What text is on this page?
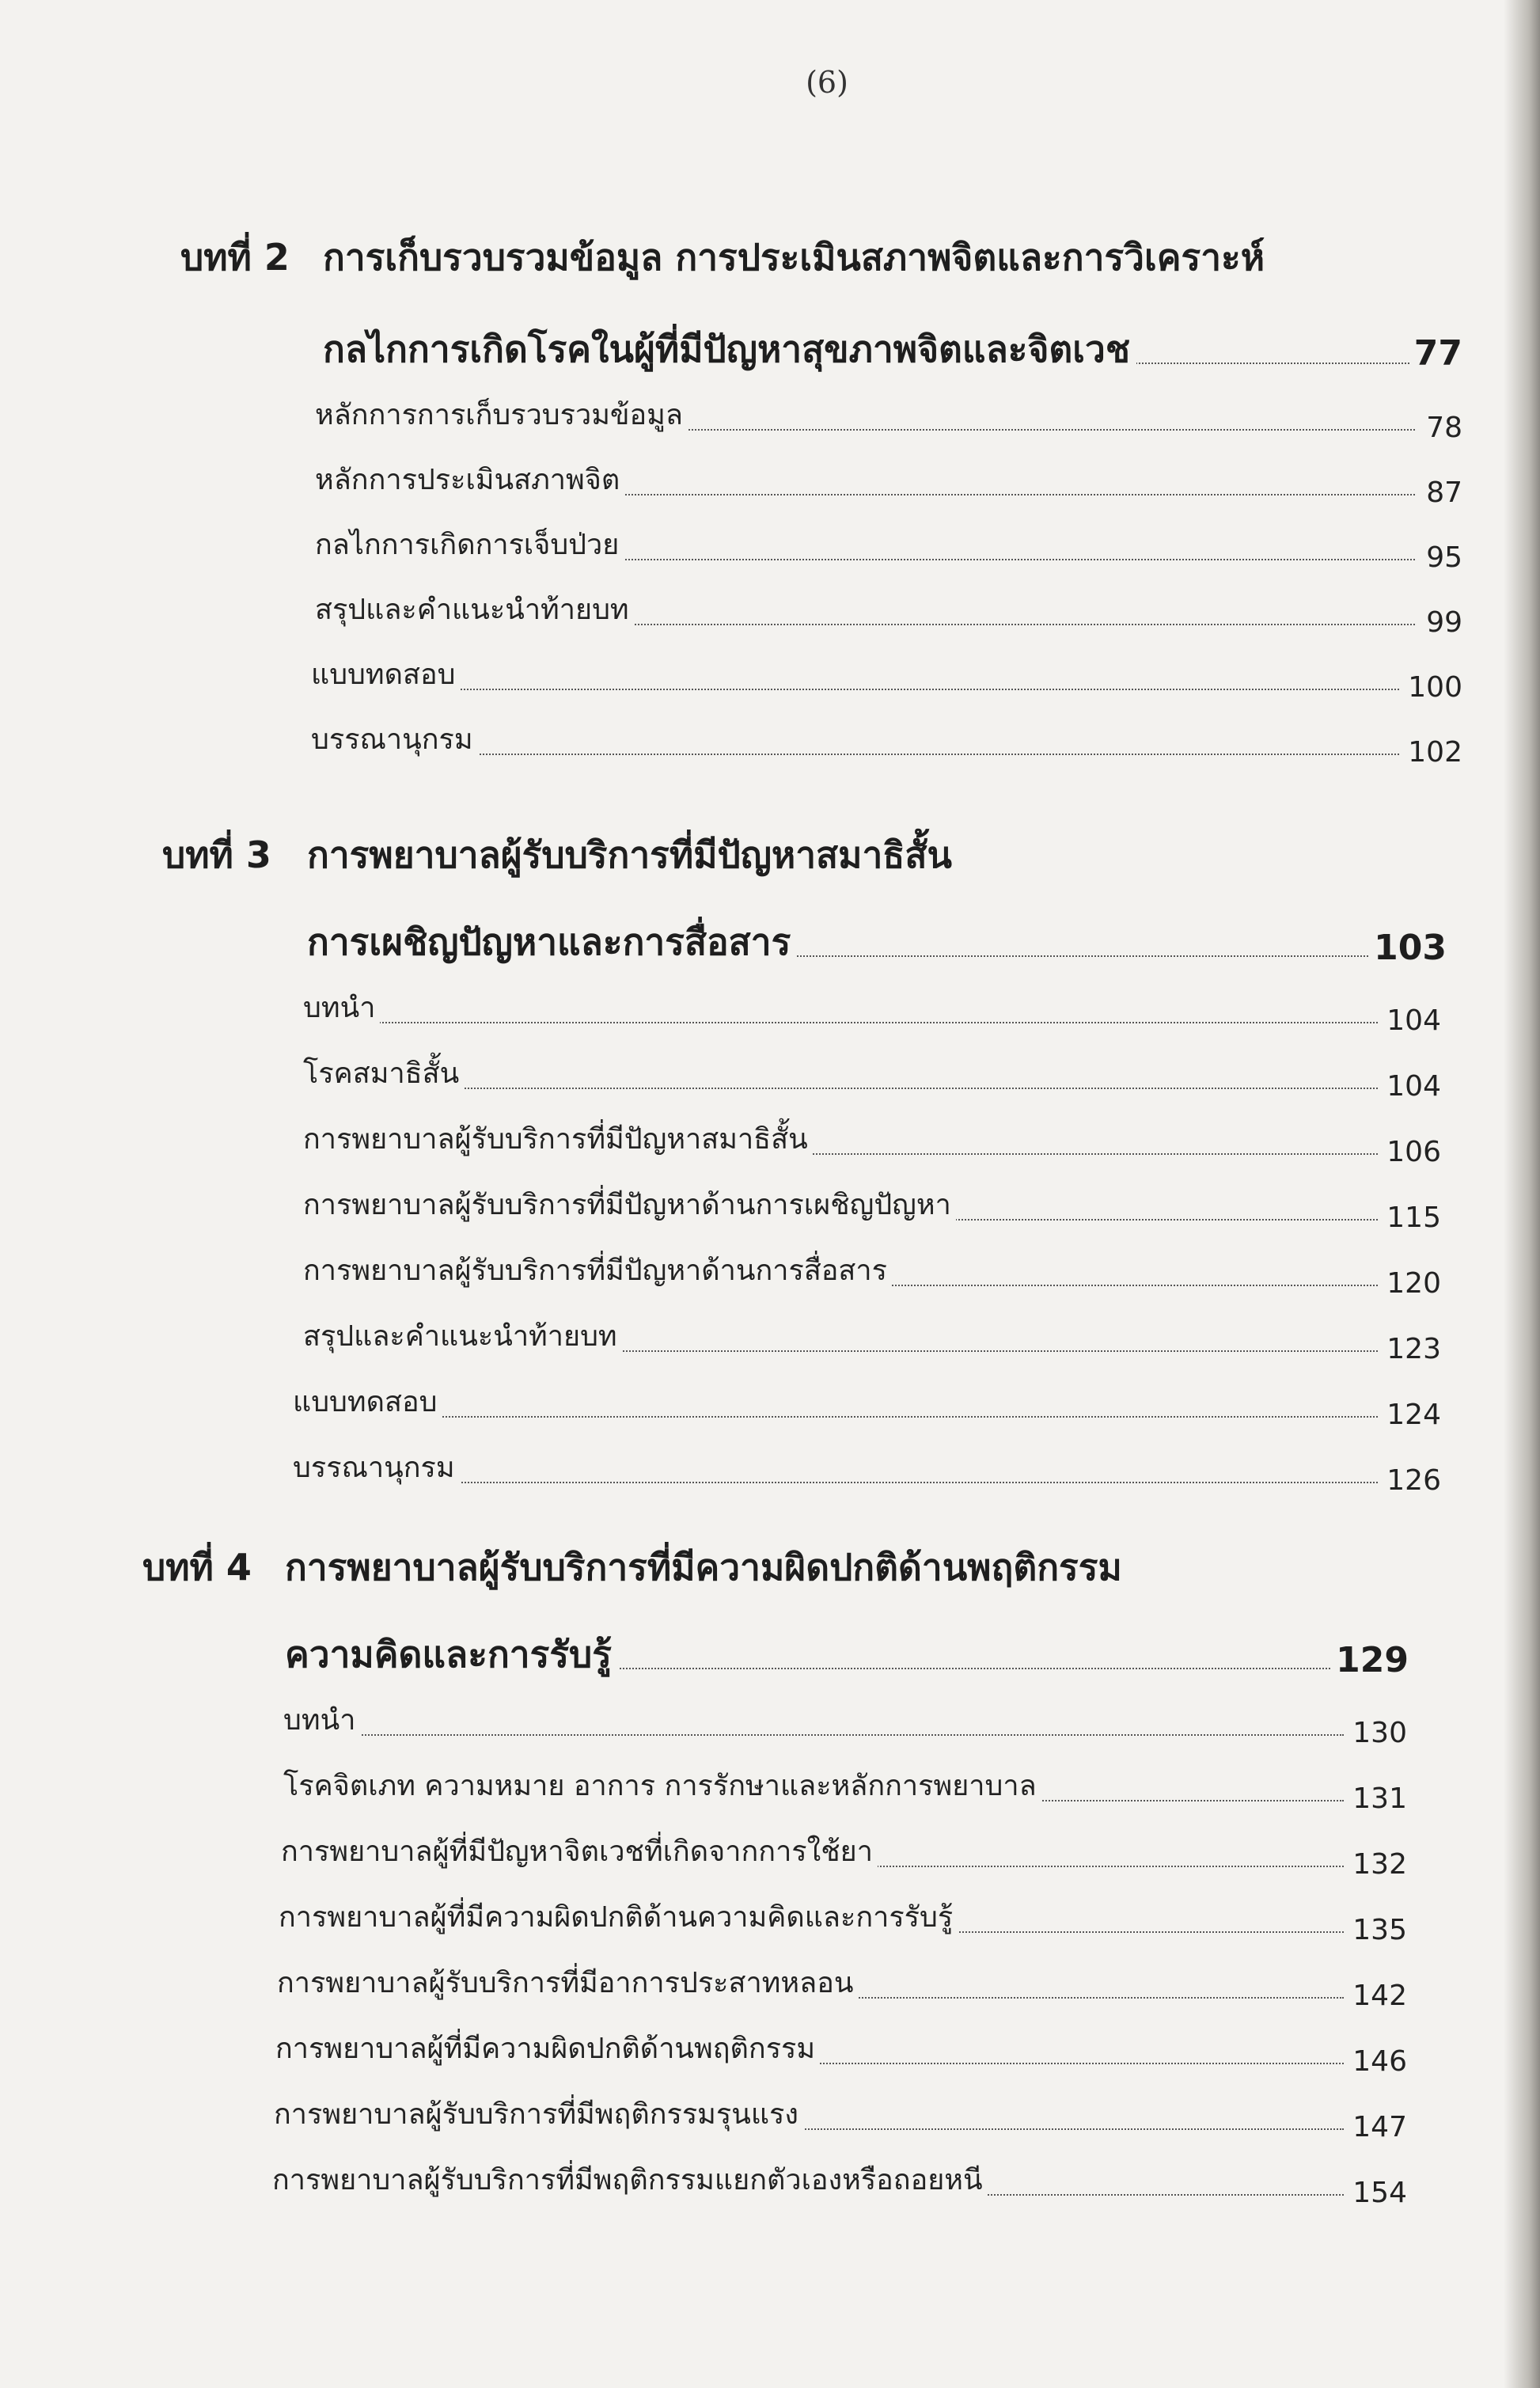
(6)
บทที่ 2 การเก็บรวบรวมข้อมูล การประเมินสภาพจิตและการวิเคราะห์
กลไกการเกิดโรคในผู้ที่มีปัญหาสุขภาพจิตและจิตเวช	77
หลักการการเก็บรวบรวมข้อมูล	78
หลักการประเมินสภาพจิต	87
กลไกการเกิดการเจ็บป่วย	95
สรุปและคำแนะนำท้ายบท	99
แบบทดสอบ	100
บรรณานุกรม	102
บทที่ 3 การพยาบาลผู้รับบริการที่มีปัญหาสมาธิสั้น
การเผชิญปัญหาและการสื่อสาร	103
บทนำ	104
โรคสมาธิสั้น	104
การพยาบาลผู้รับบริการที่มีปัญหาสมาธิสั้น	106
การพยาบาลผู้รับบริการที่มีปัญหาด้านการเผชิญปัญหา	115
การพยาบาลผู้รับบริการที่มีปัญหาด้านการสื่อสาร	120
สรุปและคำแนะนำท้ายบท	123
แบบทดสอบ	124
บรรณานุกรม	126
บทที่ 4 การพยาบาลผู้รับบริการที่มีความผิดปกติด้านพฤติกรรม
ความคิดและการรับรู้	129
บทนำ	130
โรคจิตเภท ความหมาย อาการ การรักษาและหลักการพยาบาล	131
การพยาบาลผู้ที่มีปัญหาจิตเวชที่เกิดจากการใช้ยา	132
การพยาบาลผู้ที่มีความผิดปกติด้านความคิดและการรับรู้	135
การพยาบาลผู้รับบริการที่มีอาการประสาทหลอน	142
การพยาบาลผู้ที่มีความผิดปกติด้านพฤติกรรม	146
การพยาบาลผู้รับบริการที่มีพฤติกรรมรุนแรง	147
การพยาบาลผู้รับบริการที่มีพฤติกรรมแยกตัวเองหรือถอยหนี	154
